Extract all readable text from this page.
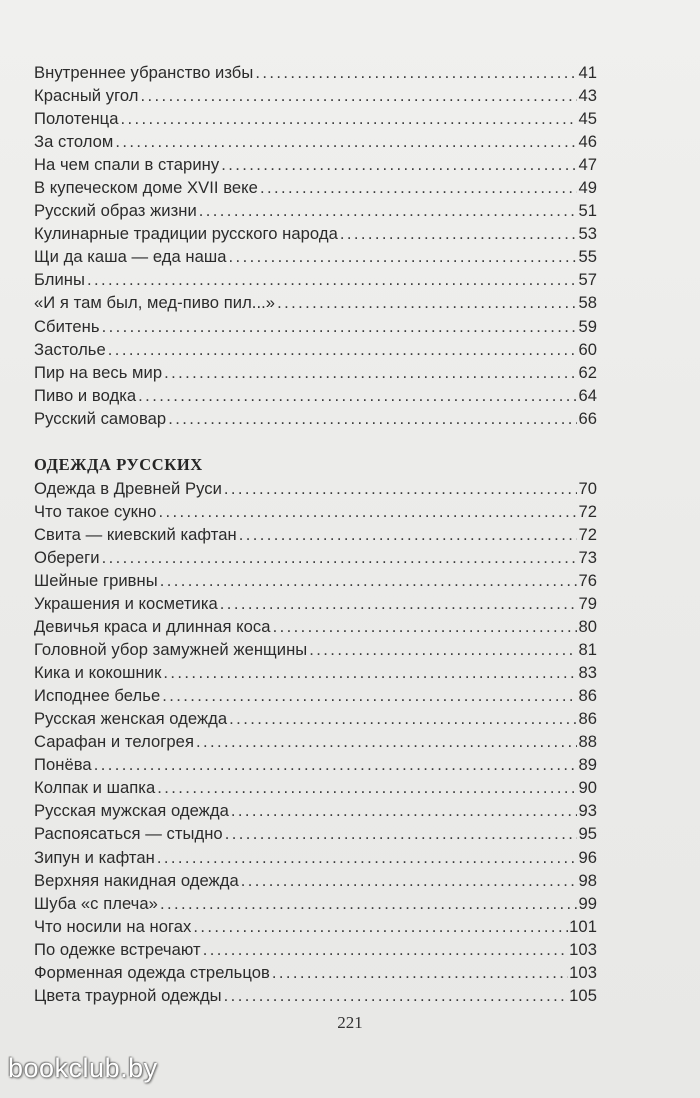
Внутреннее убранство избы .....	41
Красный угол .....	43
Полотенца .....	45
За столом .....	46
На чем спали в старину .....	47
В купеческом доме XVII веке .....	49
Русский образ жизни .....	51
Кулинарные традиции русского народа .....	53
Щи да каша — еда наша .....	55
Блины .....	57
«И я там был, мед-пиво пил...» .....	58
Сбитень .....	59
Застолье .....	60
Пир на весь мир .....	62
Пиво и водка .....	64
Русский самовар .....	66
ОДЕЖДА РУССКИХ
Одежда в Древней Руси .....	70
Что такое сукно .....	72
Свита — киевский кафтан .....	72
Обереги .....	73
Шейные гривны .....	76
Украшения и косметика .....	79
Девичья краса и длинная коса .....	80
Головной убор замужней женщины .....	81
Кика и кокошник .....	83
Исподнее белье .....	86
Русская женская одежда .....	86
Сарафан и телогрея .....	88
Понёва .....	89
Колпак и шапка .....	90
Русская мужская одежда .....	93
Распоясаться — стыдно .....	95
Зипун и кафтан .....	96
Верхняя накидная одежда .....	98
Шуба «с плеча» .....	99
Что носили на ногах .....	101
По одежке встречают .....	103
Форменная одежда стрельцов .....	103
Цвета траурной одежды .....	105
221
bookclub.by
